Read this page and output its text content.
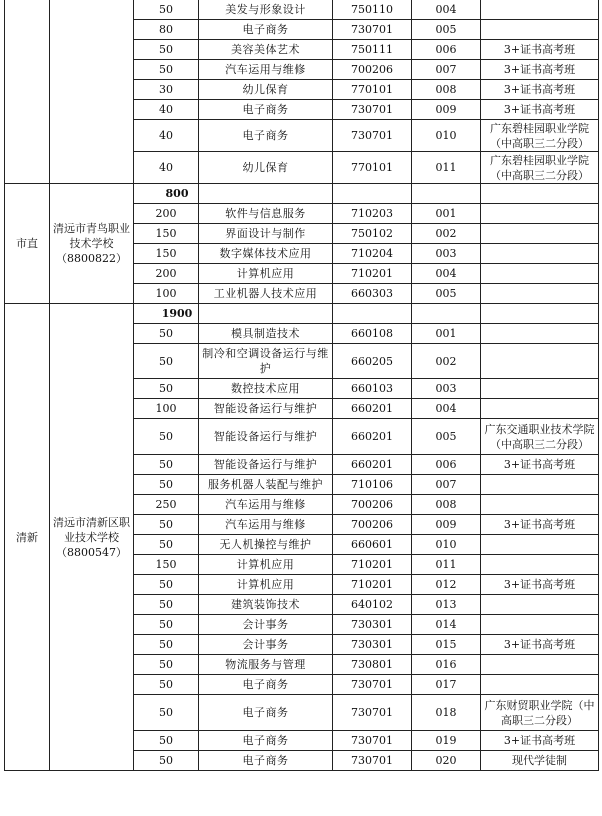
		50	美发与形象设计	750110	004	
		80	电子商务	730701	005	
		50	美容美体艺术	750111	006	3+证书高考班
		50	汽车运用与维修	700206	007	3+证书高考班
		30	幼儿保育	770101	008	3+证书高考班
		40	电子商务	730701	009	3+证书高考班
		40	电子商务	730701	010	广东碧桂园职业学院（中高职三二分段）
		40	幼儿保育	770101	011	广东碧桂园职业学院（中高职三二分段）
市直	清远市青鸟职业技术学校（8800822）	800				
		200	软件与信息服务	710203	001	
		150	界面设计与制作	750102	002	
		150	数字媒体技术应用	710204	003	
		200	计算机应用	710201	004	
		100	工业机器人技术应用	660303	005	
清新	清远市清新区职业技术学校（8800547）	1900				
		50	模具制造技术	660108	001	
		50	制冷和空调设备运行与维护	660205	002	
		50	数控技术应用	660103	003	
		100	智能设备运行与维护	660201	004	
		50	智能设备运行与维护	660201	005	广东交通职业技术学院（中高职三二分段）
		50	智能设备运行与维护	660201	006	3+证书高考班
		50	服务机器人装配与维护	710106	007	
		250	汽车运用与维修	700206	008	
		50	汽车运用与维修	700206	009	3+证书高考班
		50	无人机操控与维护	660601	010	
		150	计算机应用	710201	011	
		50	计算机应用	710201	012	3+证书高考班
		50	建筑装饰技术	640102	013	
		50	会计事务	730301	014	
		50	会计事务	730301	015	3+证书高考班
		50	物流服务与管理	730801	016	
		50	电子商务	730701	017	
		50	电子商务	730701	018	广东财贸职业学院（中高职三二分段）
		50	电子商务	730701	019	3+证书高考班
		50	电子商务	730701	020	现代学徒制
